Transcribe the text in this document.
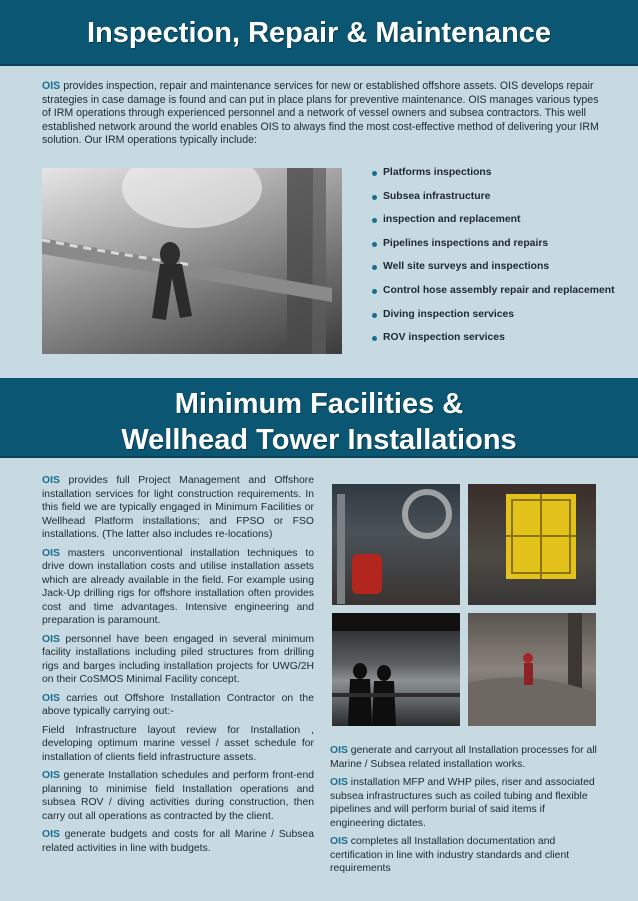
Inspection, Repair & Maintenance

OIS provides inspection, repair and maintenance services for new or established offshore assets. OIS develops repair strategies in case damage is found and can put in place plans for preventive maintenance. OIS manages various types of IRM operations through experienced personnel and a network of vessel owners and subsea contractors. This well established network around the world enables OIS to always find the most cost-effective method of delivering your IRM solution. Our IRM operations typically include:

Platforms inspections
Subsea infrastructure
inspection and replacement
Pipelines inspections and repairs
Well site surveys and inspections
Control hose assembly repair and replacement
Diving inspection services
ROV inspection services
Minimum Facilities &
Wellhead Tower Installations

OIS provides full Project Management and Offshore installation services for light construction requirements. In this field we are typically engaged in Minimum Facilities or Wellhead Platform installations; and FPSO or FSO installations. (The latter also includes re-locations)

OIS masters unconventional installation techniques to drive down installation costs and utilise installation assets which are already available in the field. For example using Jack-Up drilling rigs for offshore installation often provides cost and time advantages. Intensive engineering and preparation is paramount.

OIS personnel have been engaged in several minimum facility installations including piled structures from drilling rigs and barges including installation projects for UWG/2H on their CoSMOS Minimal Facility concept.

OIS carries out Offshore Installation Contractor on the above typically carrying out:-

Field Infrastructure layout review for Installation , developing optimum marine vessel / asset schedule for installation of clients field infrastructure assets.

OIS generate Installation schedules and perform front-end planning to minimise field Installation operations and subsea ROV / diving activities during construction, then carry out all operations as contracted by the client.

OIS generate budgets and costs for all Marine / Subsea related activities in line with budgets.

OIS generate and carryout all Installation processes for all Marine / Subsea related installation works.

OIS installation MFP and WHP piles, riser and associated subsea infrastructures such as coiled tubing and flexible pipelines and will perform burial of said items if engineering dictates.

OIS completes all Installation documentation and certification in line with industry standards and client requirements
